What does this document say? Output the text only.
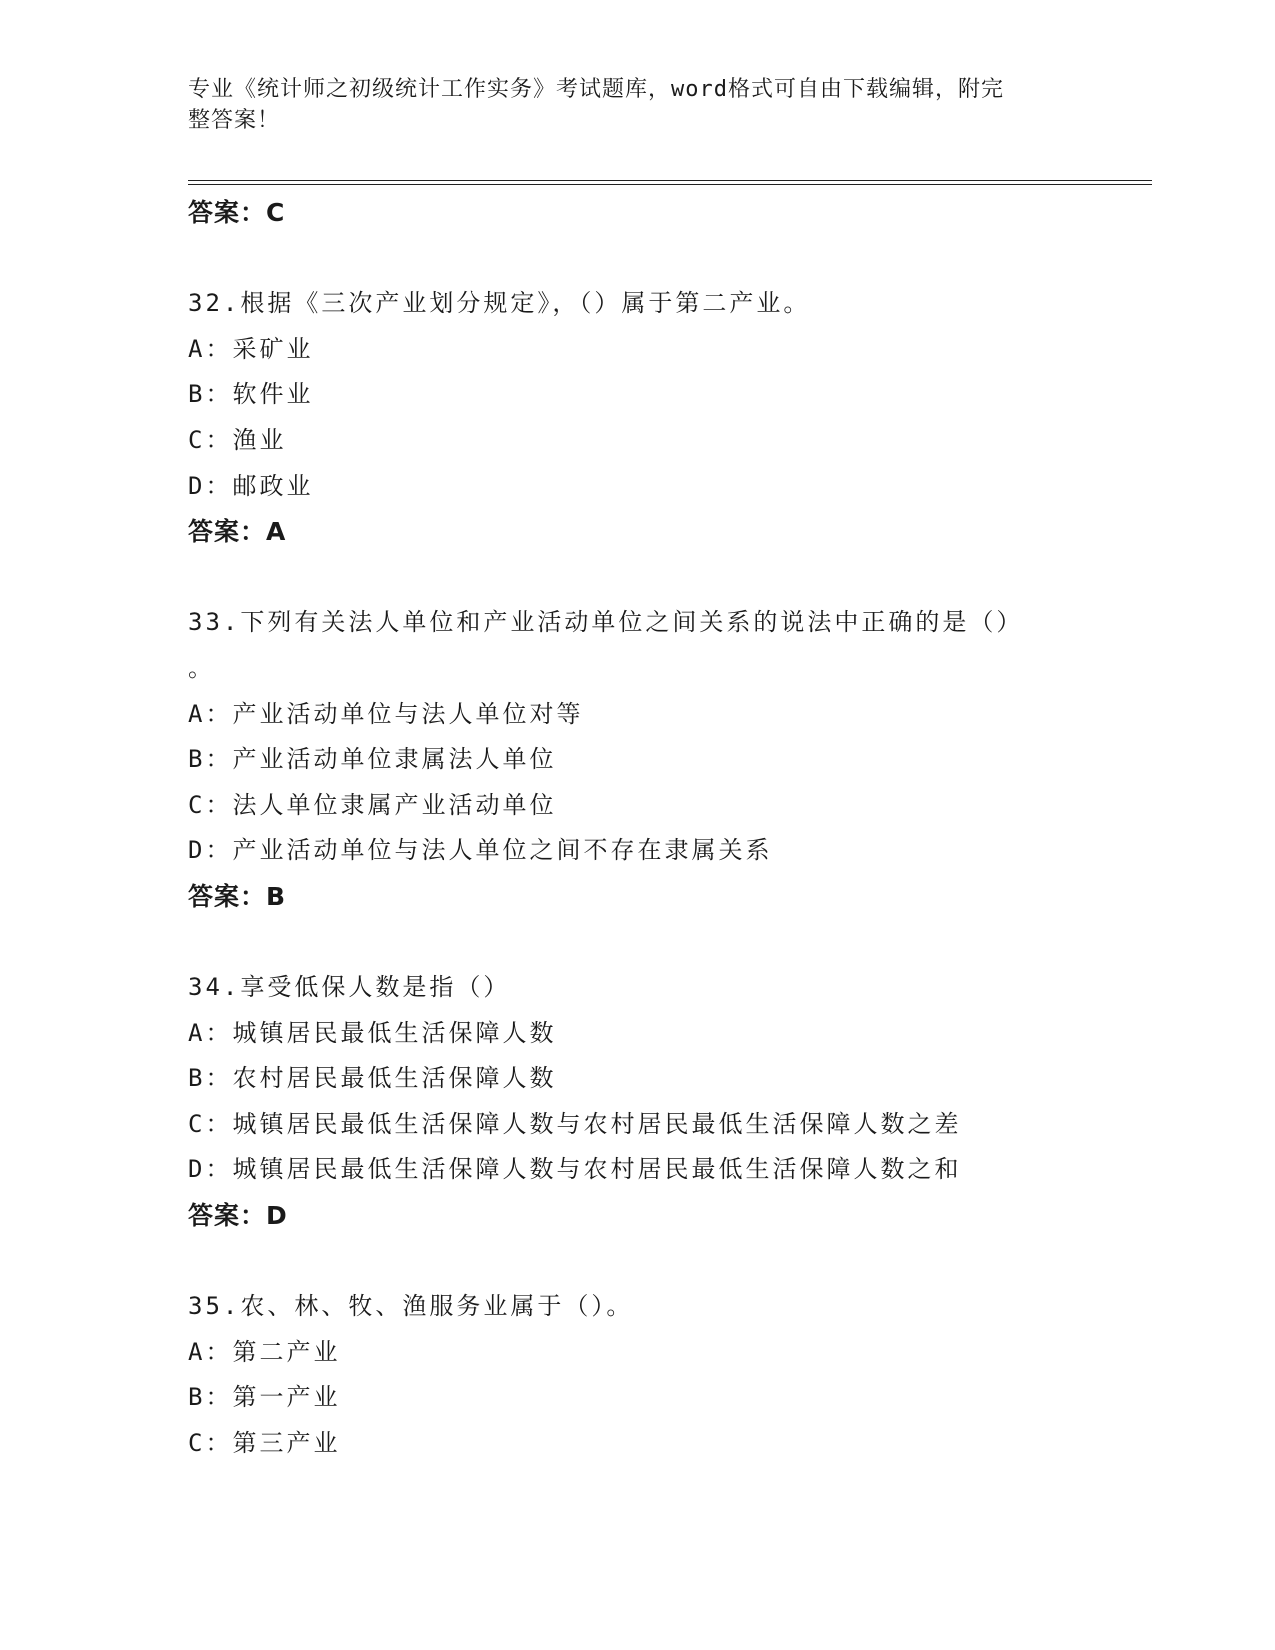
专业《统计师之初级统计工作实务》考试题库，word格式可自由下载编辑，附完
整答案！
答案：C
32.根据《三次产业划分规定》，（）属于第二产业。
A：采矿业
B：软件业
C：渔业
D：邮政业
答案：A
33.下列有关法人单位和产业活动单位之间关系的说法中正确的是（）
。
A：产业活动单位与法人单位对等
B：产业活动单位隶属法人单位
C：法人单位隶属产业活动单位
D：产业活动单位与法人单位之间不存在隶属关系
答案：B
34.享受低保人数是指（）
A：城镇居民最低生活保障人数
B：农村居民最低生活保障人数
C：城镇居民最低生活保障人数与农村居民最低生活保障人数之差
D：城镇居民最低生活保障人数与农村居民最低生活保障人数之和
答案：D
35.农、林、牧、渔服务业属于（）。
A：第二产业
B：第一产业
C：第三产业
